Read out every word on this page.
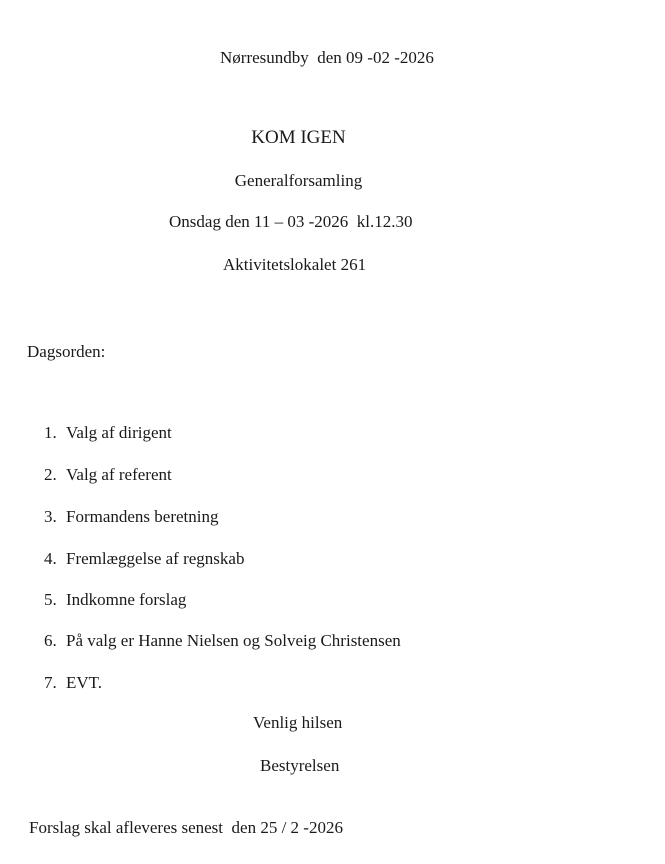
Nørresundby  den 09 -02 -2026
KOM IGEN
Generalforsamling
Onsdag den 11 – 03 -2026  kl.12.30
Aktivitetslokalet 261
Dagsorden:

1. Valg af dirigent

2. Valg af referent

3. Formandens beretning

4. Fremlæggelse af regnskab

5. Indkomne forslag

6. På valg er Hanne Nielsen og Solveig Christensen

7. EVT.

Venlig hilsen
Bestyrelsen
Forslag skal afleveres senest  den 25 / 2 -2026
